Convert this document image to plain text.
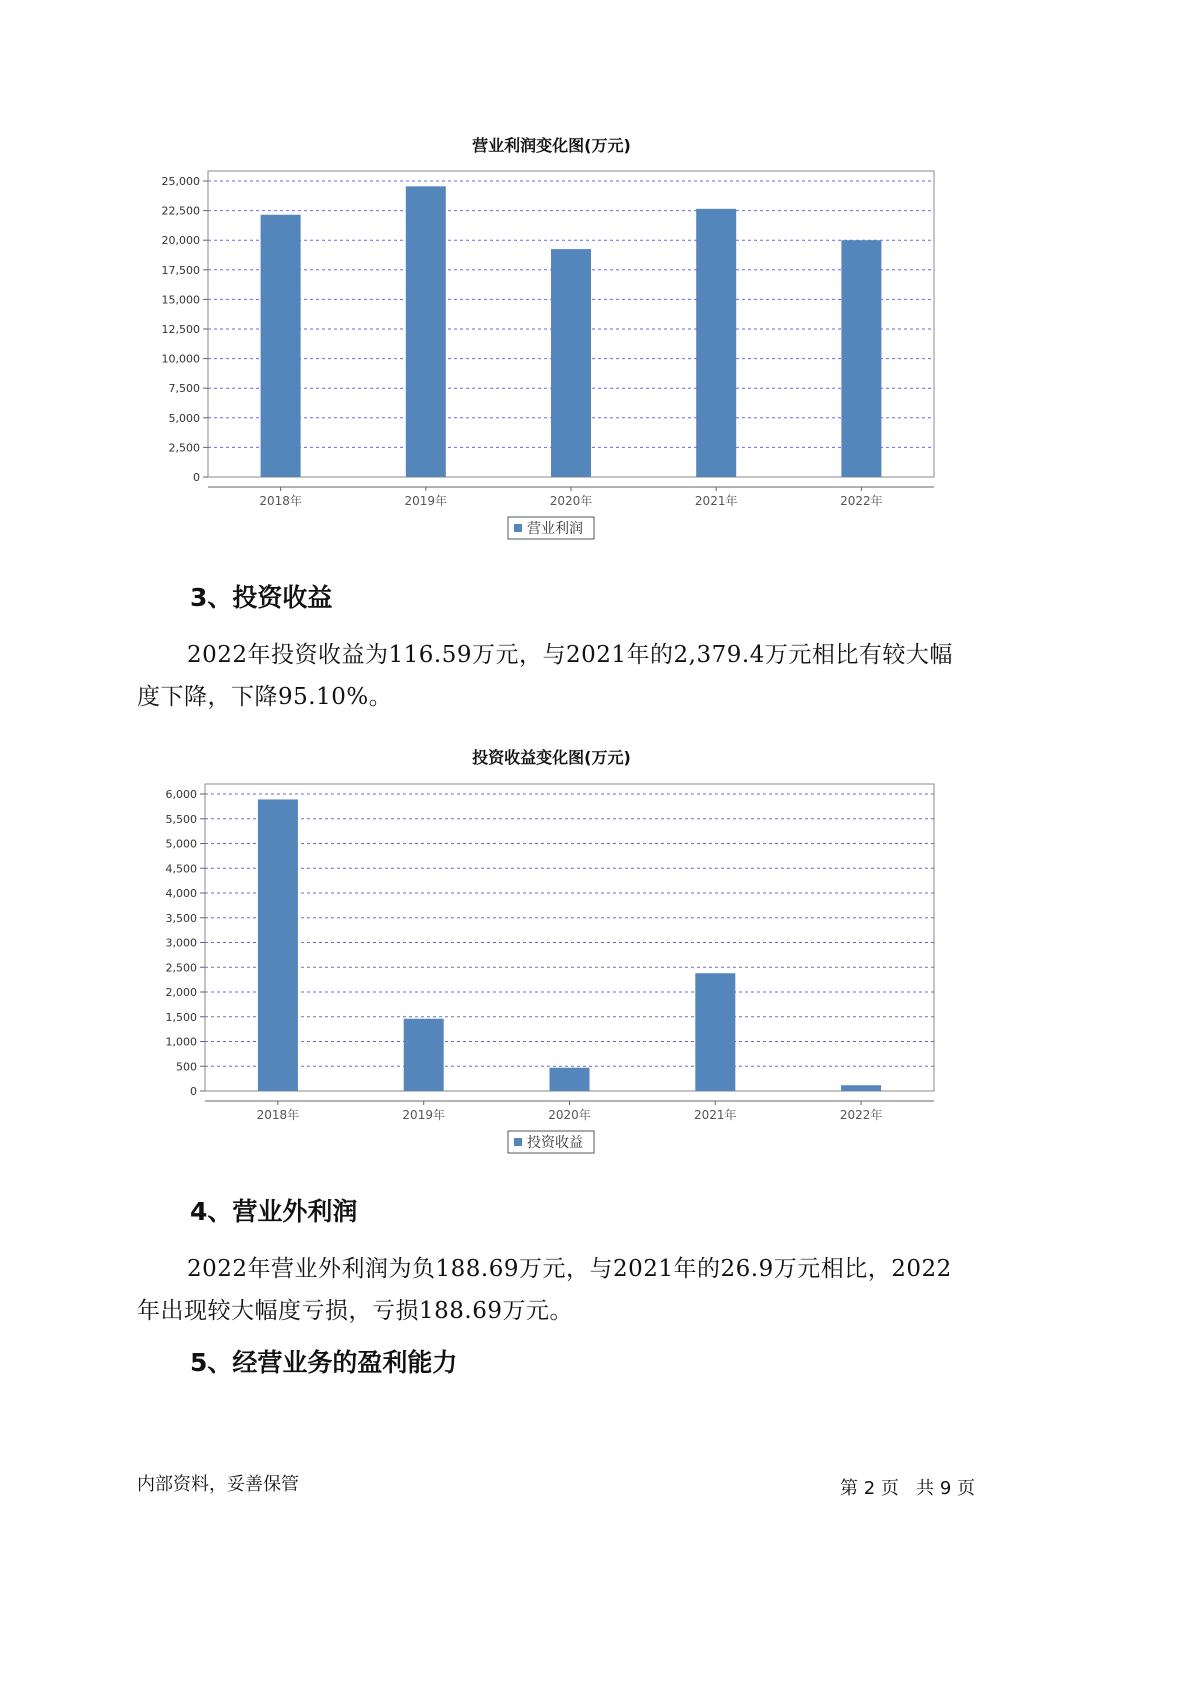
营业利润变化图(万元)
0
2,500
5,000
7,500
10,000
12,500
15,000
17,500
20,000
22,500
25,000
2018年	2019年	2020年	2021年	2022年
营业利润
3、投资收益
2022年投资收益为116.59万元，与2021年的2,379.4万元相比有较大幅
度下降，下降95.10%。
投资收益变化图(万元)
0
500
1,000
1,500
2,000
2,500
3,000
3,500
4,000
4,500
5,000
5,500
6,000
2018年	2019年	2020年	2021年	2022年
投资收益
4、营业外利润
2022年营业外利润为负188.69万元，与2021年的26.9万元相比，2022
年出现较大幅度亏损，亏损188.69万元。
5、经营业务的盈利能力
内部资料，妥善保管	第 2 页   共 9 页
